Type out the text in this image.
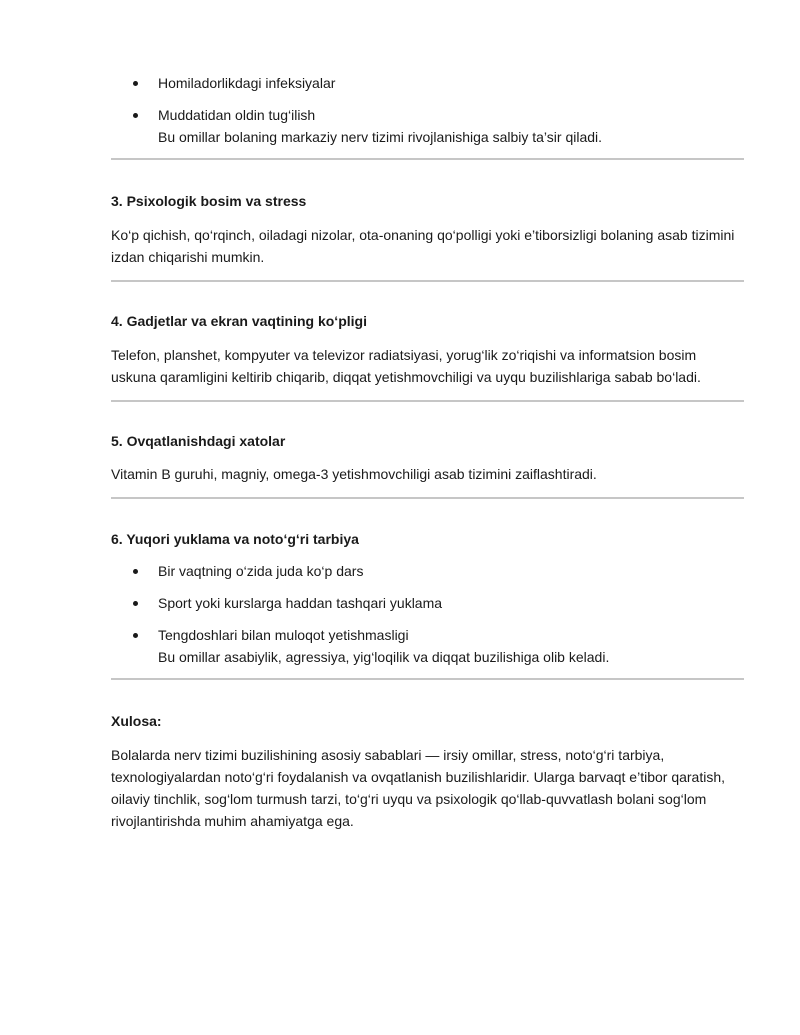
Homiladorlikdagi infeksiyalar
Muddatidan oldin tug‘ilish
Bu omillar bolaning markaziy nerv tizimi rivojlanishiga salbiy ta’sir qiladi.

3. Psixologik bosim va stress

Ko‘p qichish, qo‘rqinch, oiladagi nizolar, ota-onaning qo‘polligi yoki e’tiborsizligi bolaning asab tizimini izdan chiqarishi mumkin.

4. Gadjetlar va ekran vaqtining ko‘pligi

Telefon, planshet, kompyuter va televizor radiatsiyasi, yorug‘lik zo‘riqishi va informatsion bosim uskuna qaramligini keltirib chiqarib, diqqat yetishmovchiligi va uyqu buzilishlariga sabab bo‘ladi.

5. Ovqatlanishdagi xatolar

Vitamin B guruhi, magniy, omega-3 yetishmovchiligi asab tizimini zaiflashtiradi.

6. Yuqori yuklama va noto‘g‘ri tarbiya

Bir vaqtning o‘zida juda ko‘p dars
Sport yoki kurslarga haddan tashqari yuklama
Tengdoshlari bilan muloqot yetishmasligi
Bu omillar asabiylik, agressiya, yig‘loqilik va diqqat buzilishiga olib keladi.

Xulosa:

Bolalarda nerv tizimi buzilishining asosiy sabablari — irsiy omillar, stress, noto‘g‘ri tarbiya, texnologiyalardan noto‘g‘ri foydalanish va ovqatlanish buzilishlaridir. Ularga barvaqt e’tibor qaratish, oilaviy tinchlik, sog‘lom turmush tarzi, to‘g‘ri uyqu va psixologik qo‘llab-quvvatlash bolani sog‘lom rivojlantirishda muhim ahamiyatga ega.
